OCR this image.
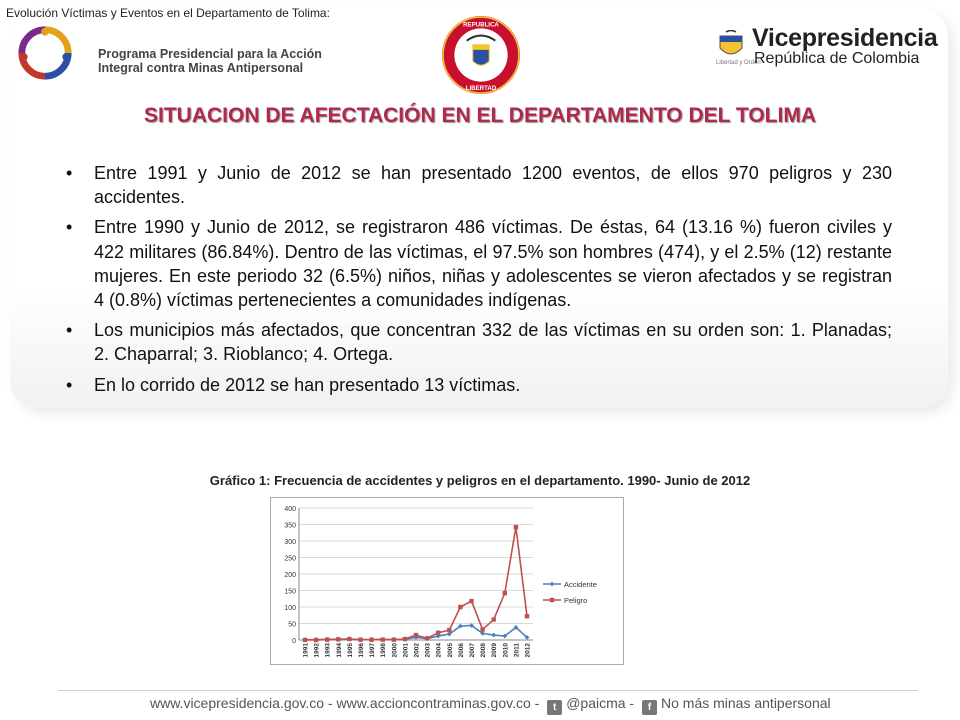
Evolución Víctimas y Eventos en el Departamento de Tolima:
Programa Presidencial para la Acción
Integral contra Minas Antipersonal
REPUBLICA
LIBERTAD
Libertad y Orden
Vicepresidencia
República de Colombia
SITUACION DE AFECTACIÓN EN EL DEPARTAMENTO DEL TOLIMA
• Entre 1991 y Junio de 2012 se han presentado 1200 eventos, de ellos 970 peligros y 230 accidentes.
• Entre 1990 y Junio de 2012, se registraron 486 víctimas. De éstas, 64 (13.16 %) fueron civiles y 422 militares (86.84%). Dentro de las víctimas, el 97.5% son hombres (474), y el 2.5% (12) restante mujeres. En este periodo 32 (6.5%) niños, niñas y adolescentes se vieron afectados y se registran 4 (0.8%) víctimas pertenecientes a comunidades indígenas.
• Los municipios más afectados, que concentran 332 de las víctimas en su orden son: 1. Planadas; 2. Chaparral; 3. Rioblanco; 4. Ortega.
• En lo corrido de 2012 se han presentado 13 víctimas.
Gráfico 1: Frecuencia de accidentes y peligros en el departamento. 1990- Junio de 2012
0
50
100
150
200
250
300
350
400
1991 1992 1993 1994 1995 1996 1997 1998 2000 2001 2002 2003 2004 2005 2006 2007 2008 2009 2010 2011 2012
Accidente
Peligro
www.vicepresidencia.gov.co - www.accioncontraminas.gov.co - t @paicma - f No más minas antipersonal
